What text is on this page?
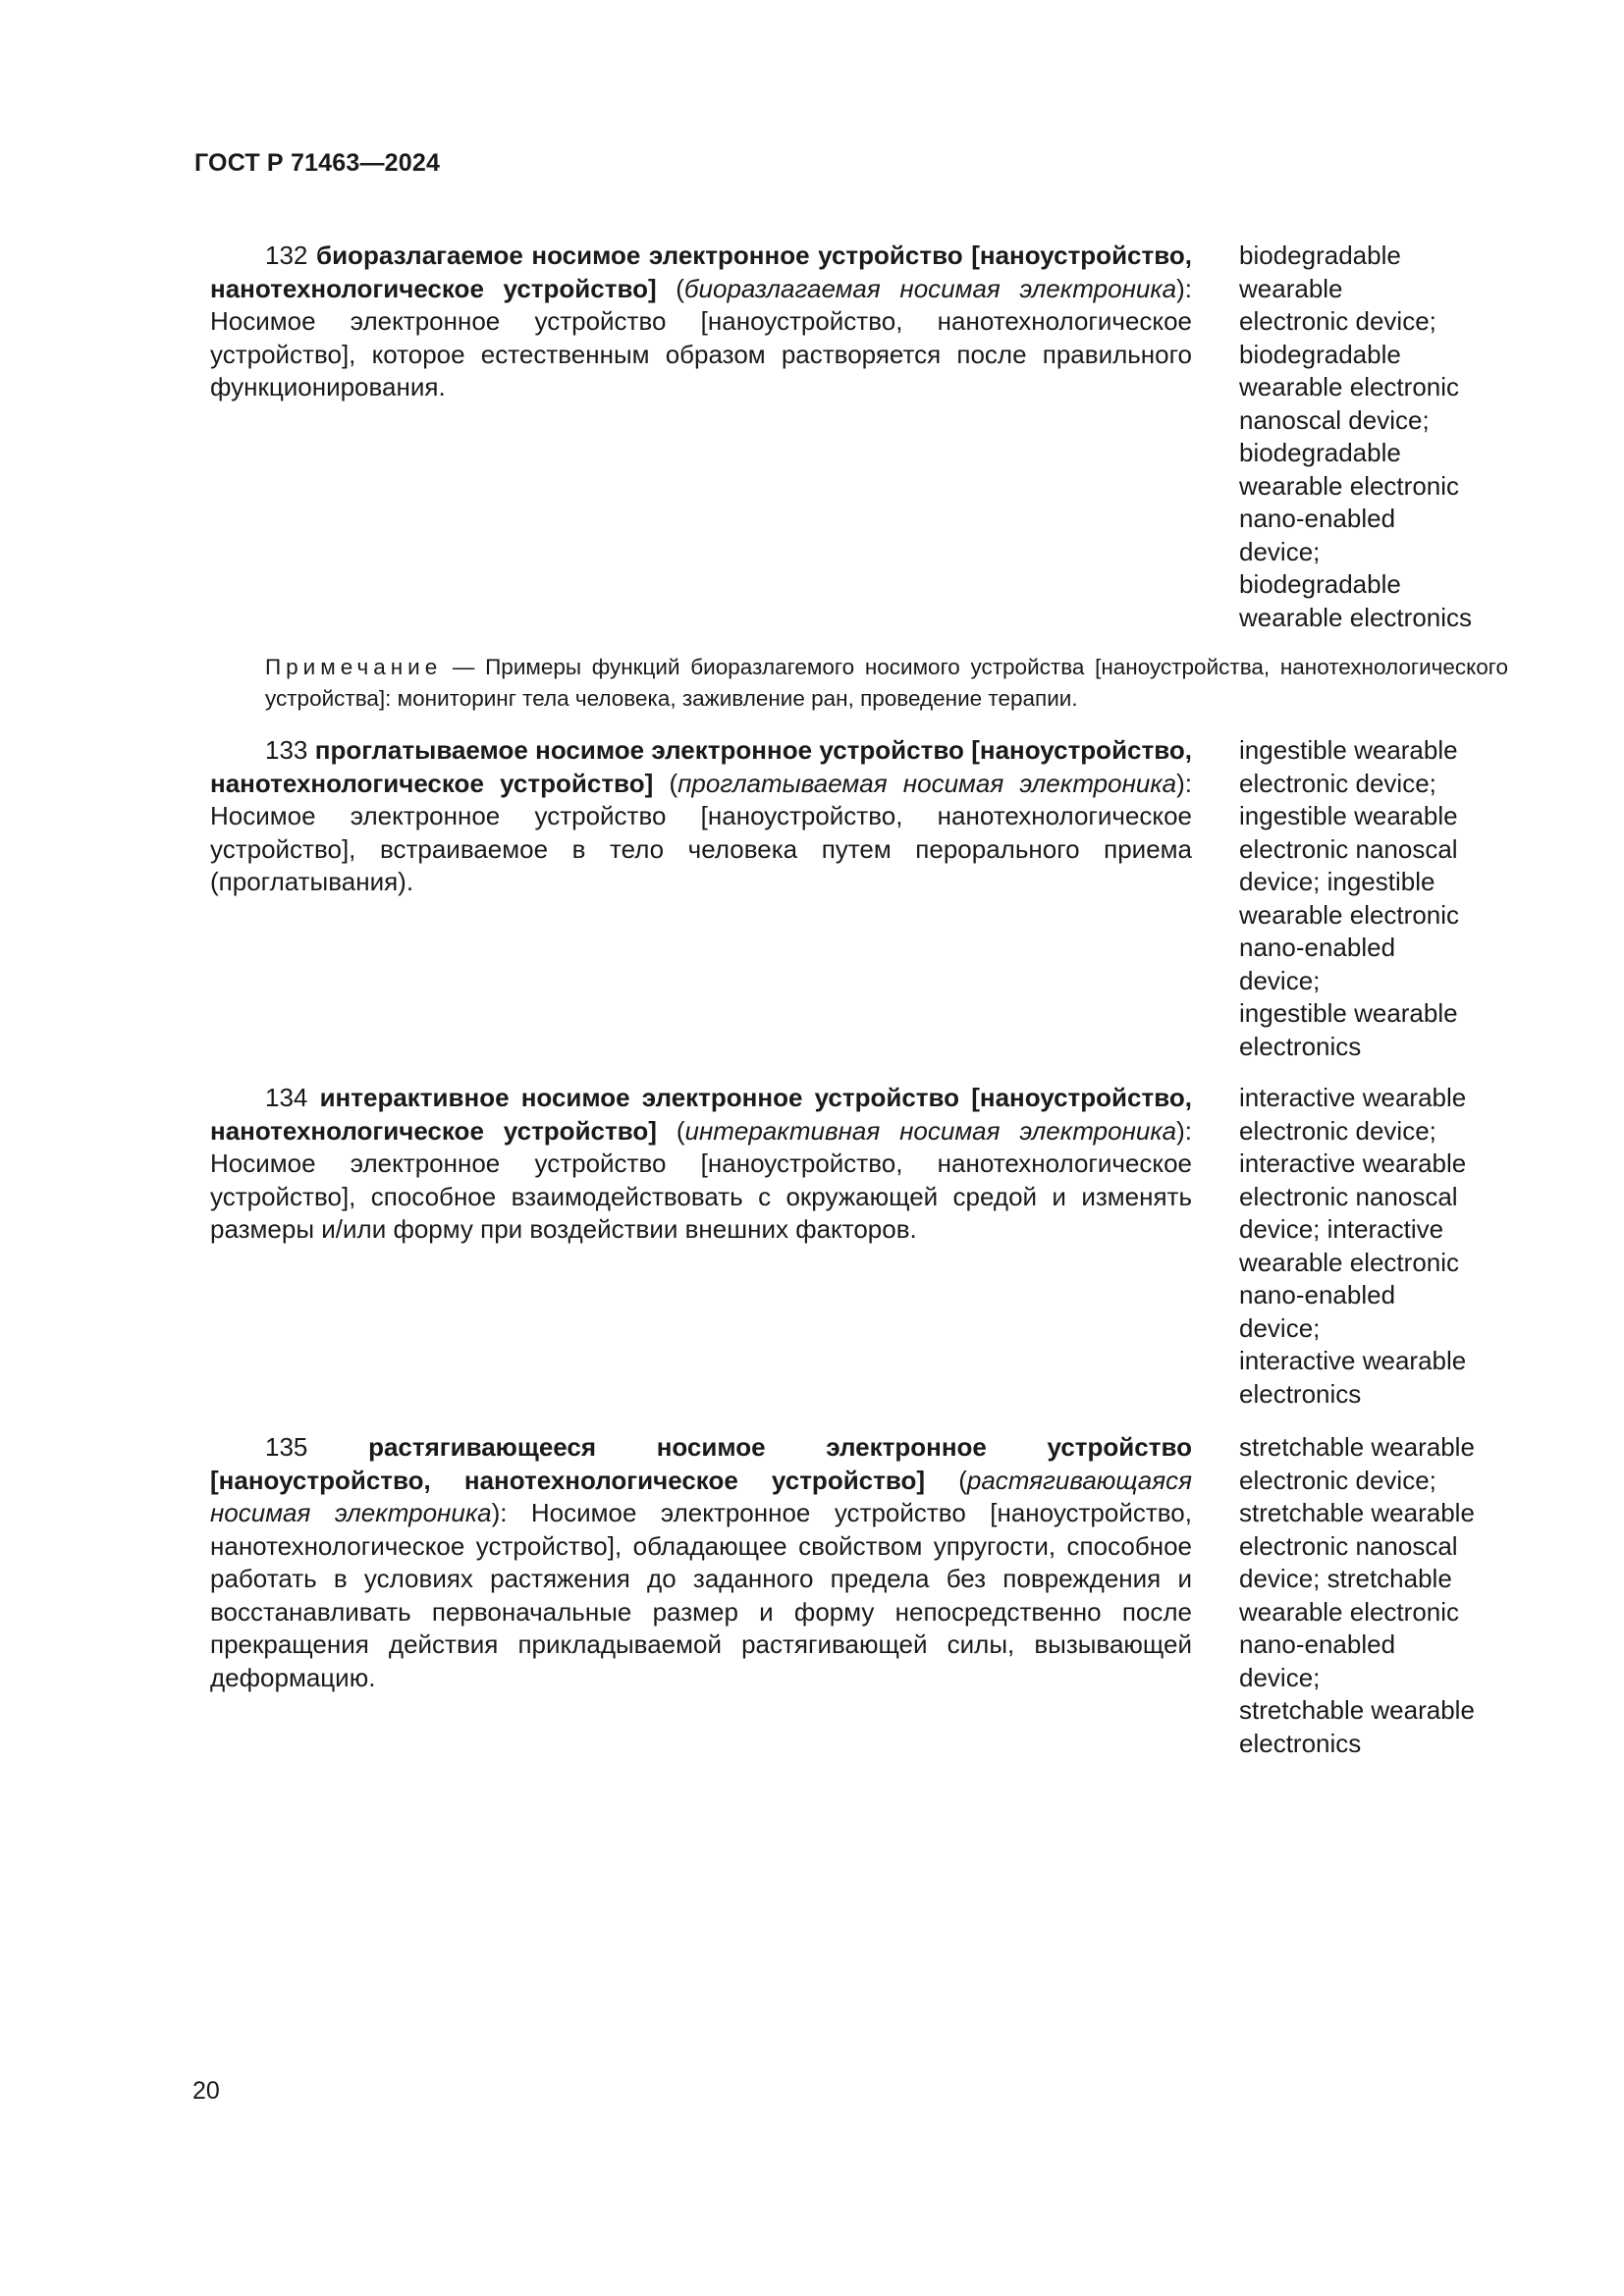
ГОСТ Р 71463—2024

132 биоразлагаемое носимое электронное устройство [наноустройство, нанотехнологическое устройство] (биоразлагаемая носимая электроника): Носимое электронное устройство [наноустройство, нанотехнологическое устройство], которое естественным образом растворяется после правильного функционирования.

biodegradable
wearable
electronic device;
biodegradable
wearable electronic
nanoscal device;
biodegradable
wearable electronic
nano-enabled
device;
biodegradable
wearable electronics

Примечание — Примеры функций биоразлагемого носимого устройства [наноустройства, нанотехнологического устройства]: мониторинг тела человека, заживление ран, проведение терапии.

133 проглатываемое носимое электронное устройство [наноустройство, нанотехнологическое устройство] (проглатываемая носимая электроника): Носимое электронное устройство [наноустройство, нанотехнологическое устройство], встраиваемое в тело человека путем перорального приема (проглатывания).

ingestible wearable
electronic device;
ingestible wearable
electronic nanoscal
device; ingestible
wearable electronic
nano-enabled
device;
ingestible wearable
electronics

134 интерактивное носимое электронное устройство [наноустройство, нанотехнологическое устройство] (интерактивная носимая электроника): Носимое электронное устройство [наноустройство, нанотехнологическое устройство], способное взаимодействовать с окружающей средой и изменять размеры и/или форму при воздействии внешних факторов.

interactive wearable
electronic device;
interactive wearable
electronic nanoscal
device; interactive
wearable electronic
nano-enabled
device;
interactive wearable
electronics

135 растягивающееся носимое электронное устройство [наноустройство, нанотехнологическое устройство] (растягивающаяся носимая электроника): Носимое электронное устройство [наноустройство, нанотехнологическое устройство], обладающее свойством упругости, способное работать в условиях растяжения до заданного предела без повреждения и восстанавливать первоначальные размер и форму непосредственно после прекращения действия прикладываемой растягивающей силы, вызывающей деформацию.

stretchable wearable
electronic device;
stretchable wearable
electronic nanoscal
device; stretchable
wearable electronic
nano-enabled
device;
stretchable wearable
electronics
20
